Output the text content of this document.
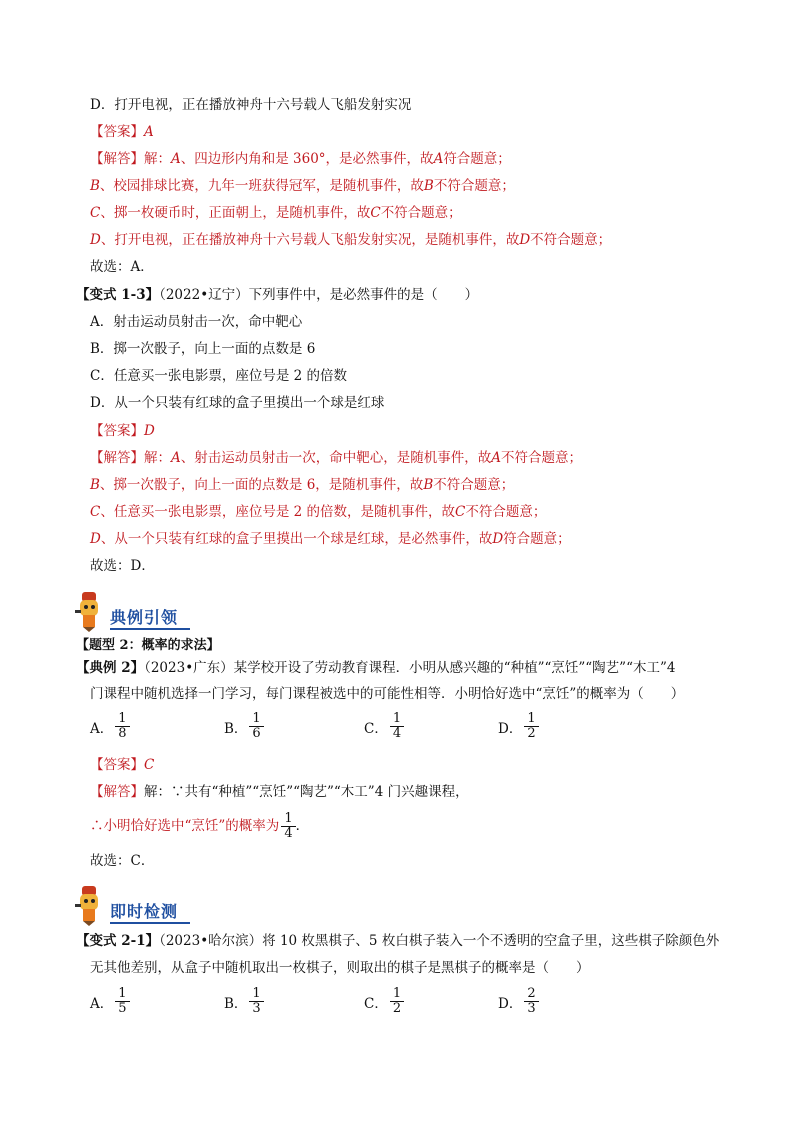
D．打开电视，正在播放神舟十六号载人飞船发射实况
【答案】A
【解答】解：A、四边形内角和是 360°，是必然事件，故A符合题意；
B、校园排球比赛，九年一班获得冠军，是随机事件，故B不符合题意；
C、掷一枚硬币时，正面朝上，是随机事件，故C不符合题意；
D、打开电视，正在播放神舟十六号载人飞船发射实况，是随机事件，故D不符合题意；
故选：A．
【变式 1-3】（2022•辽宁）下列事件中，是必然事件的是（　　）
A．射击运动员射击一次，命中靶心
B．掷一次骰子，向上一面的点数是 6
C．任意买一张电影票，座位号是 2 的倍数
D．从一个只装有红球的盒子里摸出一个球是红球
【答案】D
【解答】解：A、射击运动员射击一次，命中靶心，是随机事件，故A不符合题意；
B、掷一次骰子，向上一面的点数是 6，是随机事件，故B不符合题意；
C、任意买一张电影票，座位号是 2 的倍数，是随机事件，故C不符合题意；
D、从一个只装有红球的盒子里摸出一个球是红球，是必然事件，故D符合题意；
故选：D．
典例引领
【题型 2：概率的求法】
【典例 2】（2023•广东）某学校开设了劳动教育课程．小明从感兴趣的“种植”“烹饪”“陶艺”“木工”4
门课程中随机选择一门学习，每门课程被选中的可能性相等．小明恰好选中“烹饪”的概率为（　　）
A． $\frac{1}{8}$	B． $\frac{1}{6}$	C． $\frac{1}{4}$	D． $\frac{1}{2}$
【答案】C
【解答】解：∵共有“种植”“烹饪”“陶艺”“木工”4 门兴趣课程，
∴小明恰好选中“烹饪”的概率为 $\frac{1}{4}$ ．
故选：C．
即时检测
【变式 2-1】（2023•哈尔滨）将 10 枚黑棋子、5 枚白棋子装入一个不透明的空盒子里，这些棋子除颜色外
无其他差别，从盒子中随机取出一枚棋子，则取出的棋子是黑棋子的概率是（　　）
A． $\frac{1}{5}$	B． $\frac{1}{3}$	C． $\frac{1}{2}$	D． $\frac{2}{3}$
